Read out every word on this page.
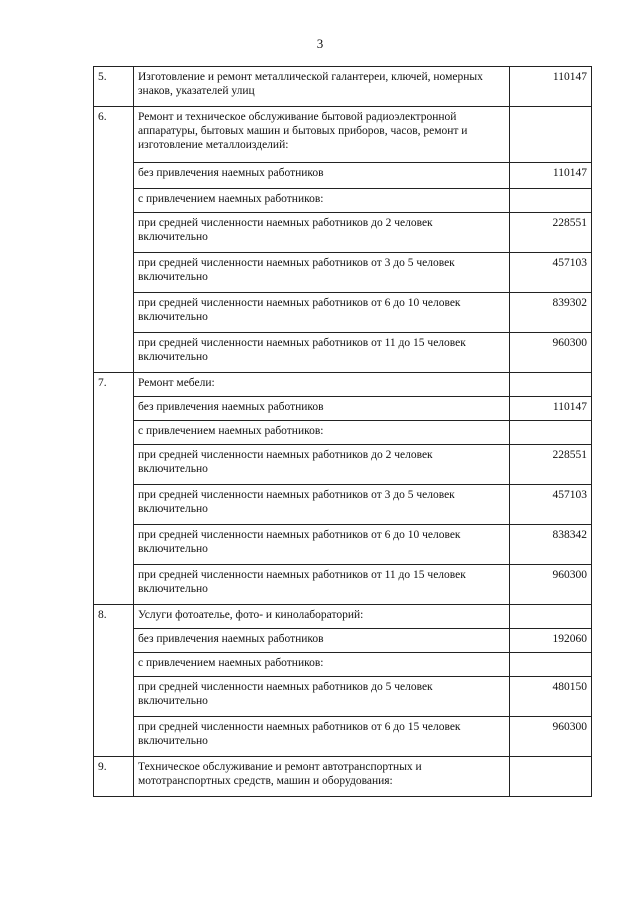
3
5.	Изготовление и ремонт металлической галантереи, ключей, номерных знаков, указателей улиц	110147
6.	Ремонт и техническое обслуживание бытовой радиоэлектронной аппаратуры, бытовых машин и бытовых приборов, часов, ремонт и изготовление металлоизделий:	
	без привлечения наемных работников	110147
	с привлечением наемных работников:	
	при средней численности наемных работников до 2 человек включительно	228551
	при средней численности наемных работников от 3 до 5 человек включительно	457103
	при средней численности наемных работников от 6 до 10 человек включительно	839302
	при средней численности наемных работников от 11 до 15 человек включительно	960300
7.	Ремонт мебели:	
	без привлечения наемных работников	110147
	с привлечением наемных работников:	
	при средней численности наемных работников до 2 человек включительно	228551
	при средней численности наемных работников от 3 до 5 человек включительно	457103
	при средней численности наемных работников от 6 до 10 человек включительно	838342
	при средней численности наемных работников от 11 до 15 человек включительно	960300
8.	Услуги фотоателье, фото- и кинолабораторий:	
	без привлечения наемных работников	192060
	с привлечением наемных работников:	
	при средней численности наемных работников до 5 человек включительно	480150
	при средней численности наемных работников от 6 до 15 человек включительно	960300
9.	Техническое обслуживание и ремонт автотранспортных и мототранспортных средств, машин и оборудования:	
